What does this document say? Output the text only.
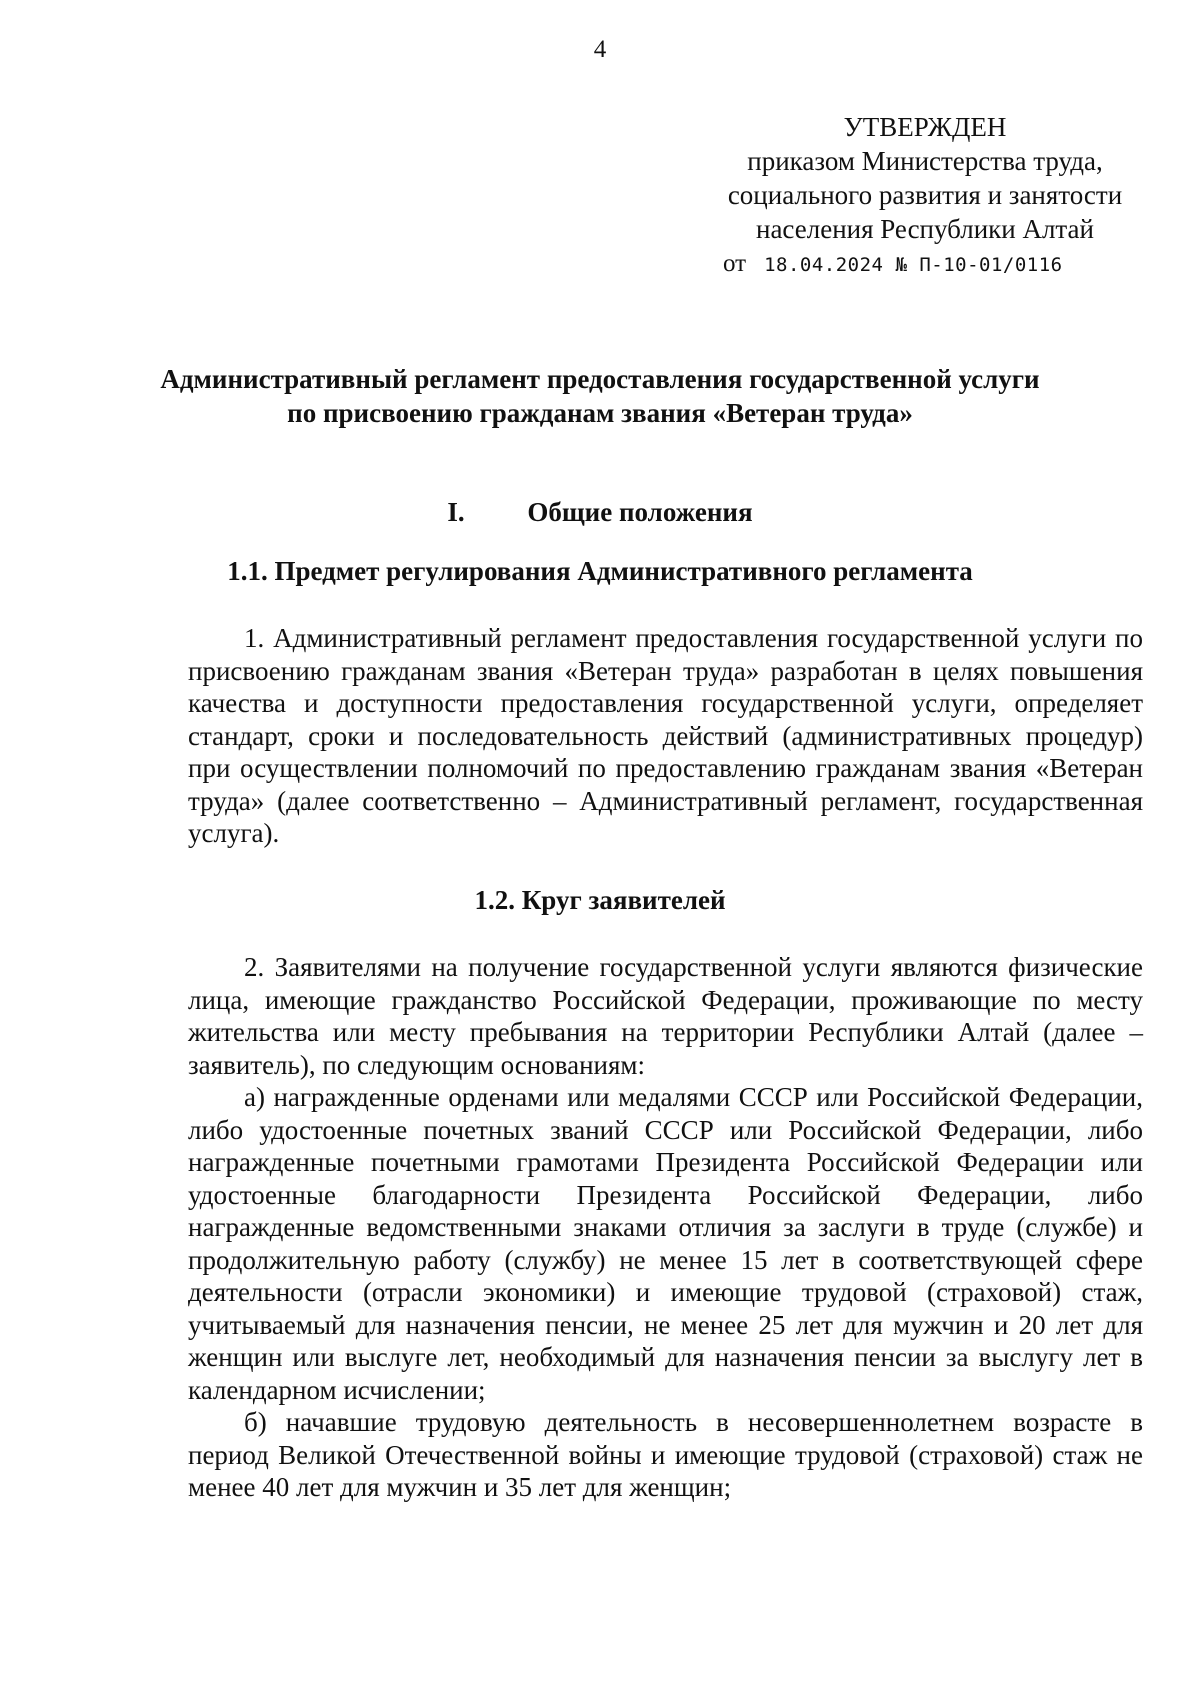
4
УТВЕРЖДЕН
приказом Министерства труда,
социального развития и занятости
населения Республики Алтай
от 18.04.2024 № П-10-01/0116
Административный регламент предоставления государственной услуги
по присвоению гражданам звания «Ветеран труда»
I. Общие положения
1.1. Предмет регулирования Административного регламента

1. Административный регламент предоставления государственной услуги по присвоению гражданам звания «Ветеран труда» разработан в целях повышения качества и доступности предоставления государственной услуги, определяет стандарт, сроки и последовательность действий (административных процедур) при осуществлении полномочий по предоставлению гражданам звания «Ветеран труда» (далее соответственно – Административный регламент, государственная услуга).

1.2. Круг заявителей

2. Заявителями на получение государственной услуги являются физические лица, имеющие гражданство Российской Федерации, проживающие по месту жительства или месту пребывания на территории Республики Алтай (далее – заявитель), по следующим основаниям:

а) награжденные орденами или медалями СССР или Российской Федерации, либо удостоенные почетных званий СССР или Российской Федерации, либо награжденные почетными грамотами Президента Российской Федерации или удостоенные благодарности Президента Российской Федерации, либо награжденные ведомственными знаками отличия за заслуги в труде (службе) и продолжительную работу (службу) не менее 15 лет в соответствующей сфере деятельности (отрасли экономики) и имеющие трудовой (страховой) стаж, учитываемый для назначения пенсии, не менее 25 лет для мужчин и 20 лет для женщин или выслуге лет, необходимый для назначения пенсии за выслугу лет в календарном исчислении;

б) начавшие трудовую деятельность в несовершеннолетнем возрасте в период Великой Отечественной войны и имеющие трудовой (страховой) стаж не менее 40 лет для мужчин и 35 лет для женщин;
